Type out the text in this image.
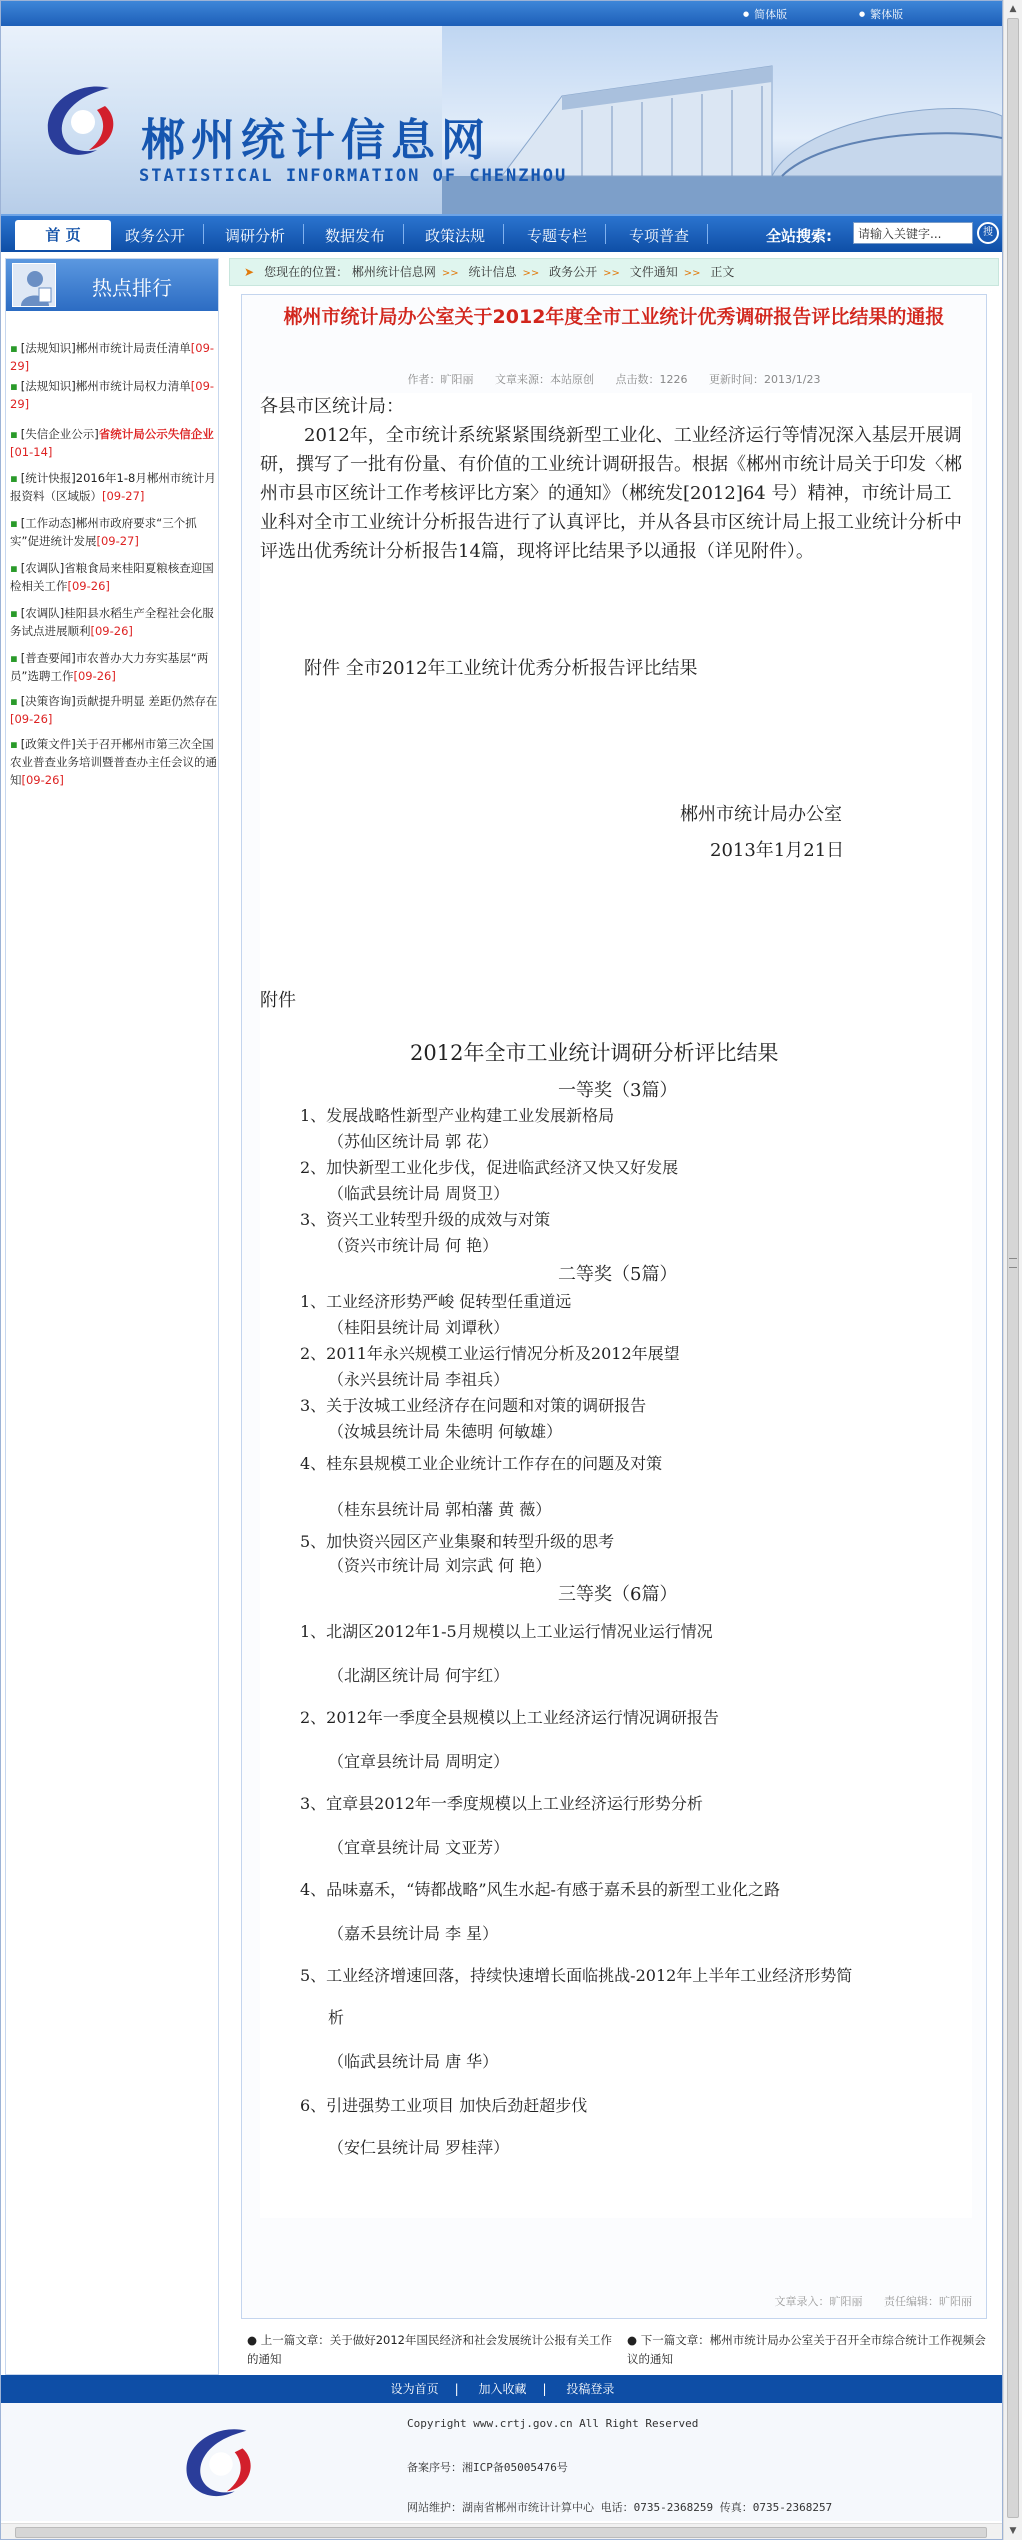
● 简体版
●	繁体版
郴州统计信息网
STATISTICAL INFORMATION OF CHENZHOU
首 页	政务公开	调研分析	数据发布	政策法规	专题专栏	专项普查	全站搜索:
请输入关键字...	搜
热点排行
▪ [法规知识]郴州市统计局责任清单[09-29]
▪ [法规知识]郴州市统计局权力清单[09-29]
▪ [失信企业公示]省统计局公示失信企业[01-14]
▪ [统计快报]2016年1-8月郴州市统计月报资料（区域版）[09-27]
▪ [工作动态]郴州市政府要求“三个抓实”促进统计发展[09-27]
▪ [农调队]省粮食局来桂阳夏粮核查迎国检相关工作[09-26]
▪ [农调队]桂阳县水稻生产全程社会化服务试点进展顺利[09-26]
▪ [普查要闻]市农普办大力夯实基层“两员”选聘工作[09-26]
▪ [决策咨询]贡献提升明显 差距仍然存在[09-26]
▪ [政策文件]关于召开郴州市第三次全国农业普查业务培训暨普查办主任会议的通知[09-26]
➤ 您现在的位置： 郴州统计信息网 >> 统计信息 >> 政务公开 >> 文件通知 >> 正文
郴州市统计局办公室关于2012年度全市工业统计优秀调研报告评比结果的通报
作者：旷阳丽 文章来源：本站原创 点击数：1226 更新时间：2013/1/23
各县市区统计局：
2012年，全市统计系统紧紧围绕新型工业化、工业经济运行等情况深入基层开展调研，撰写了一批有份量、有价值的工业统计调研报告。根据《郴州市统计局关于印发〈郴州市县市区统计工作考核评比方案〉的通知》（郴统发[2012]64 号）精神，市统计局工业科对全市工业统计分析报告进行了认真评比，并从各县市区统计局上报工业统计分析中评选出优秀统计分析报告14篇，现将评比结果予以通报（详见附件）。
附件 全市2012年工业统计优秀分析报告评比结果
郴州市统计局办公室
2013年1月21日
附件
2012年全市工业统计调研分析评比结果
一等奖（3篇）
1、发展战略性新型产业构建工业发展新格局
（苏仙区统计局 郭 花）
2、加快新型工业化步伐，促进临武经济又快又好发展
（临武县统计局 周贤卫）
3、资兴工业转型升级的成效与对策
（资兴市统计局 何 艳）
二等奖（5篇）
1、工业经济形势严峻 促转型任重道远
（桂阳县统计局 刘谭秋）
2、2011年永兴规模工业运行情况分析及2012年展望
（永兴县统计局 李祖兵）
3、关于汝城工业经济存在问题和对策的调研报告
（汝城县统计局 朱德明 何敏雄）
4、桂东县规模工业企业统计工作存在的问题及对策
（桂东县统计局 郭柏藩 黄 薇）
5、加快资兴园区产业集聚和转型升级的思考
（资兴市统计局 刘宗武 何 艳）
三等奖（6篇）
1、北湖区2012年1-5月规模以上工业运行情况业运行情况
（北湖区统计局 何宇红）
2、2012年一季度全县规模以上工业经济运行情况调研报告
（宜章县统计局 周明定）
3、宜章县2012年一季度规模以上工业经济运行形势分析
（宜章县统计局 文亚芳）
4、品味嘉禾，“铸都战略”风生水起-有感于嘉禾县的新型工业化之路
（嘉禾县统计局 李 星）
5、工业经济增速回落，持续快速增长面临挑战-2012年上半年工业经济形势简
析
（临武县统计局 唐 华）
6、引进强势工业项目 加快后劲赶超步伐
（安仁县统计局 罗桂萍）
文章录入：旷阳丽 责任编辑：旷阳丽
● 上一篇文章：关于做好2012年国民经济和社会发展统计公报有关工作的通知
● 下一篇文章：郴州市统计局办公室关于召开全市综合统计工作视频会议的通知
设为首页 | 加入收藏 | 投稿登录
Copyright www.crtj.gov.cn All Right Reserved
备案序号：湘ICP备05005476号
网站维护：湖南省郴州市统计计算中心 电话：0735-2368259 传真：0735-2368257
▲
▼
